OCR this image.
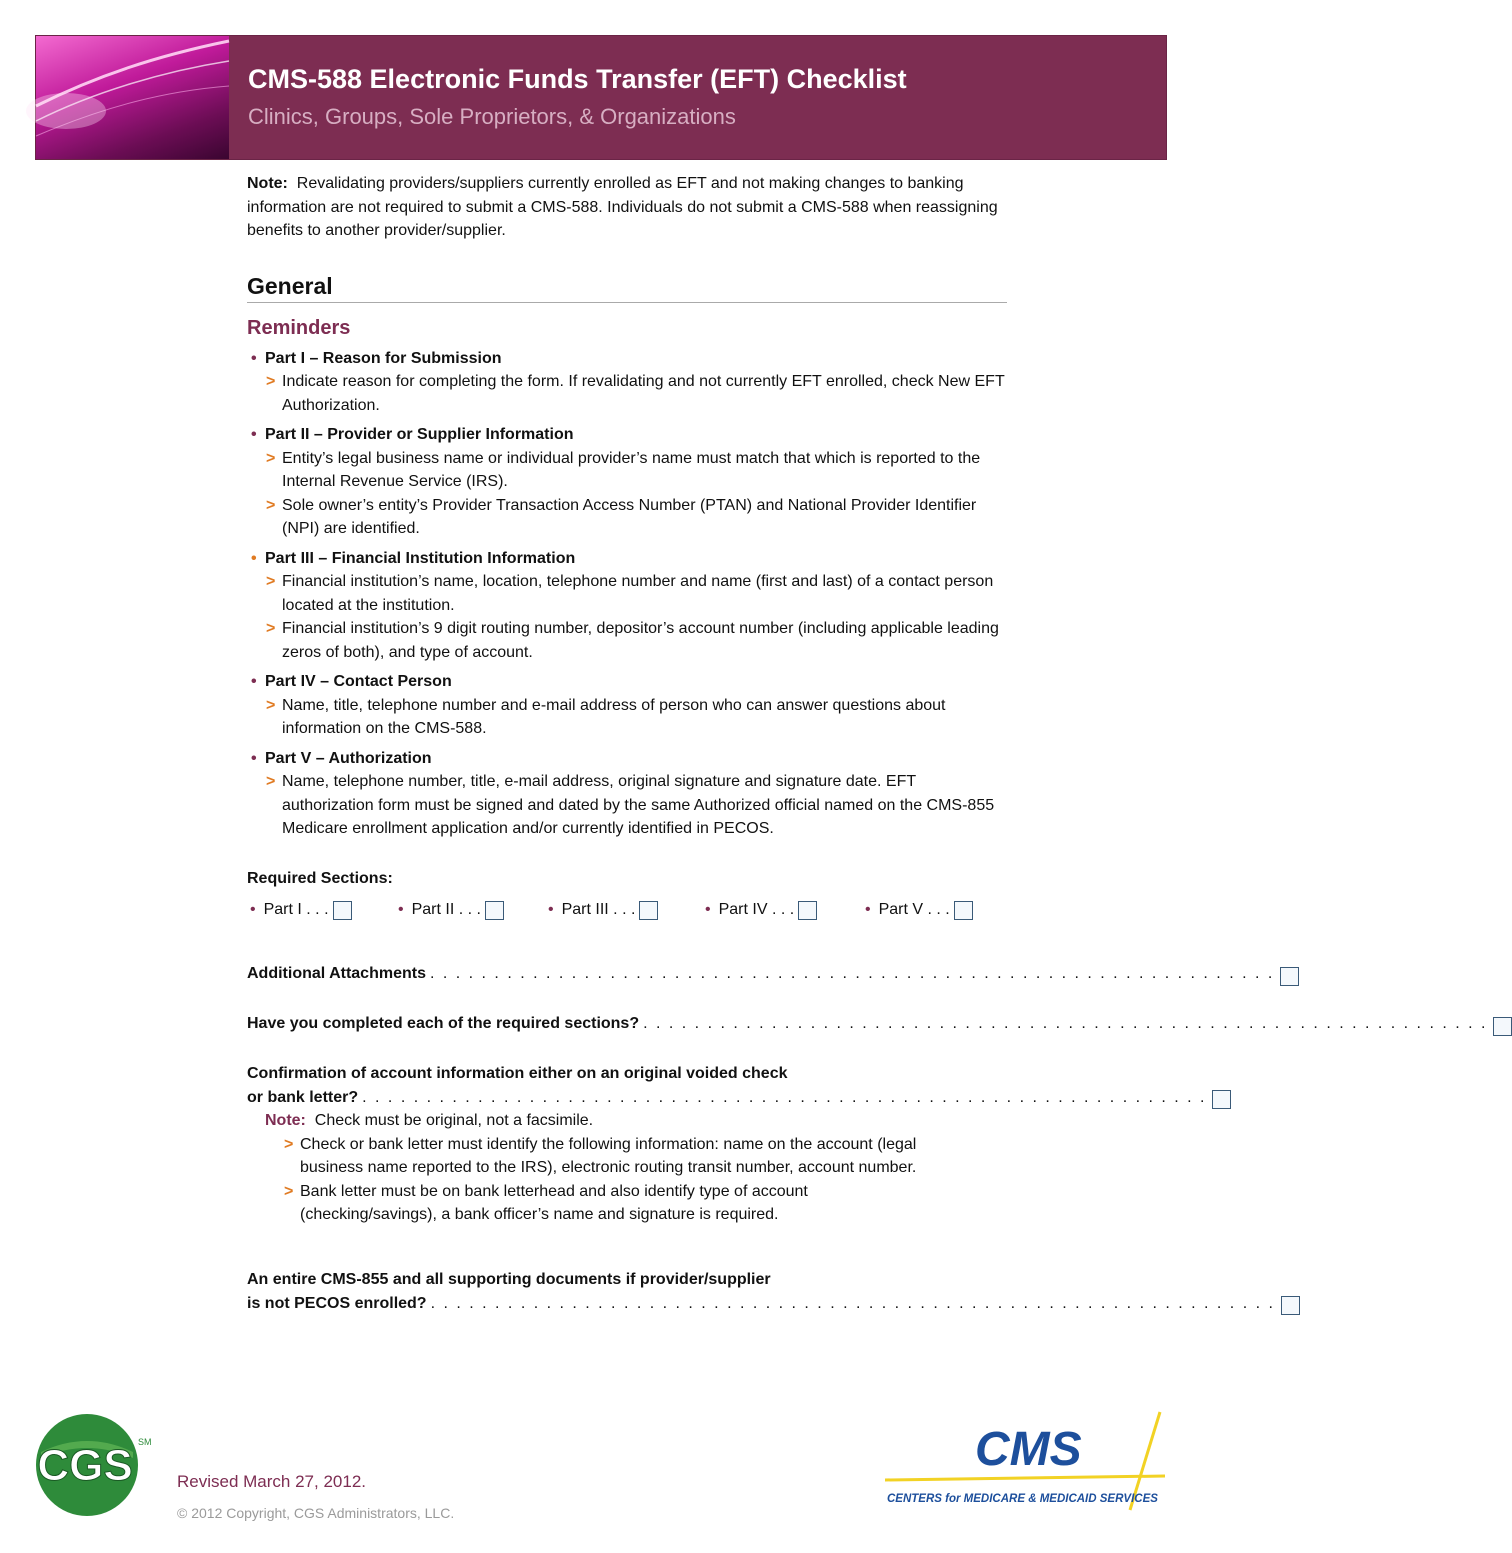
CMS-588 Electronic Funds Transfer (EFT) Checklist
Clinics, Groups, Sole Proprietors, & Organizations

Note: Revalidating providers/suppliers currently enrolled as EFT and not making changes to banking information are not required to submit a CMS-588. Individuals do not submit a CMS-588 when reassigning benefits to another provider/supplier.

General
Reminders
• Part I – Reason for Submission
> Indicate reason for completing the form. If revalidating and not currently EFT enrolled, check New EFT Authorization.
• Part II – Provider or Supplier Information
> Entity’s legal business name or individual provider’s name must match that which is reported to the Internal Revenue Service (IRS).
> Sole owner’s entity’s Provider Transaction Access Number (PTAN) and National Provider Identifier (NPI) are identified.
• Part III – Financial Institution Information
> Financial institution’s name, location, telephone number and name (first and last) of a contact person located at the institution.
> Financial institution’s 9 digit routing number, depositor’s account number (including applicable leading zeros of both), and type of account.
• Part IV – Contact Person
> Name, title, telephone number and e-mail address of person who can answer questions about information on the CMS-588.
• Part V – Authorization
> Name, telephone number, title, e-mail address, original signature and signature date. EFT authorization form must be signed and dated by the same Authorized official named on the CMS-855 Medicare enrollment application and/or currently identified in PECOS.
Required Sections:
• Part I . . .	• Part II . . .	• Part III . . .	• Part IV . . .	• Part V . . .
Additional Attachments . . . . . . . . . . . . . . . . . . . . . . . . . . . . . . . . . . . . . . . . . . . . . . . . . . . . . . . . . . . . . . . . . .
Have you completed each of the required sections? . . . . . . . . . . . . . . . . . . . . . . . . . . . . . . . . . . . . . . . . . . . . . . . . . . . . . . . . . . . . . . . . . .
Confirmation of account information either on an original voided check
or bank letter? . . . . . . . . . . . . . . . . . . . . . . . . . . . . . . . . . . . . . . . . . . . . . . . . . . . . . . . . . . . . . . . . . .
Note: Check must be original, not a facsimile.
> Check or bank letter must identify the following information: name on the account (legal business name reported to the IRS), electronic routing transit number, account number.
> Bank letter must be on bank letterhead and also identify type of account (checking/savings), a bank officer’s name and signature is required.
An entire CMS-855 and all supporting documents if provider/supplier
is not PECOS enrolled? . . . . . . . . . . . . . . . . . . . . . . . . . . . . . . . . . . . . . . . . . . . . . . . . . . . . . . . . . . . . . . . . . .
CGS SM
Revised March 27, 2012.
© 2012 Copyright, CGS Administrators, LLC.
CMS
CENTERS for MEDICARE & MEDICAID SERVICES
